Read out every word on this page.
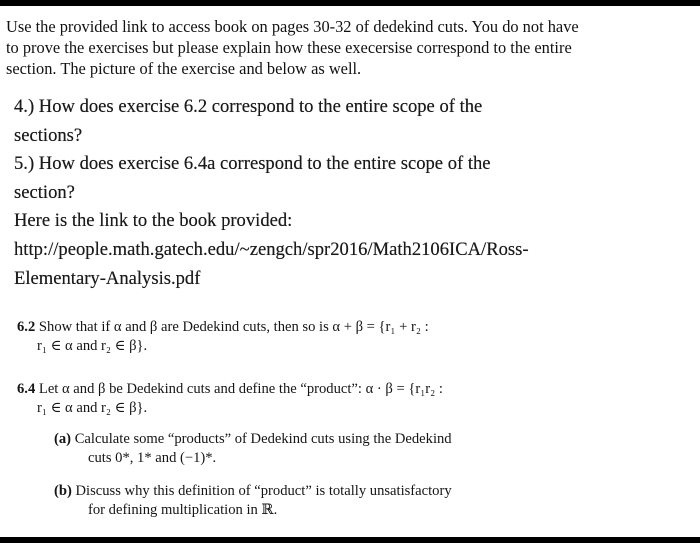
Use the provided link to access book on pages 30-32 of dedekind cuts. You do not have
to prove the exercises but please explain how these execersise correspond to the entire
section. The picture of the exercise and below as well.
4.) How does exercise 6.2 correspond to the entire scope of the
sections?
5.) How does exercise 6.4a correspond to the entire scope of the
section?
Here is the link to the book provided:
http://people.math.gatech.edu/~zengch/spr2016/Math2106ICA/Ross-
Elementary-Analysis.pdf
6.2 Show that if α and β are Dedekind cuts, then so is α + β = {r₁ + r₂ :
r₁ ∈ α and r₂ ∈ β}.
6.4 Let α and β be Dedekind cuts and define the “product”: α · β = {r₁r₂ :
r₁ ∈ α and r₂ ∈ β}.
(a) Calculate some “products” of Dedekind cuts using the Dedekind
cuts 0*, 1* and (−1)*.
(b) Discuss why this definition of “product” is totally unsatisfactory
for defining multiplication in ℝ.
